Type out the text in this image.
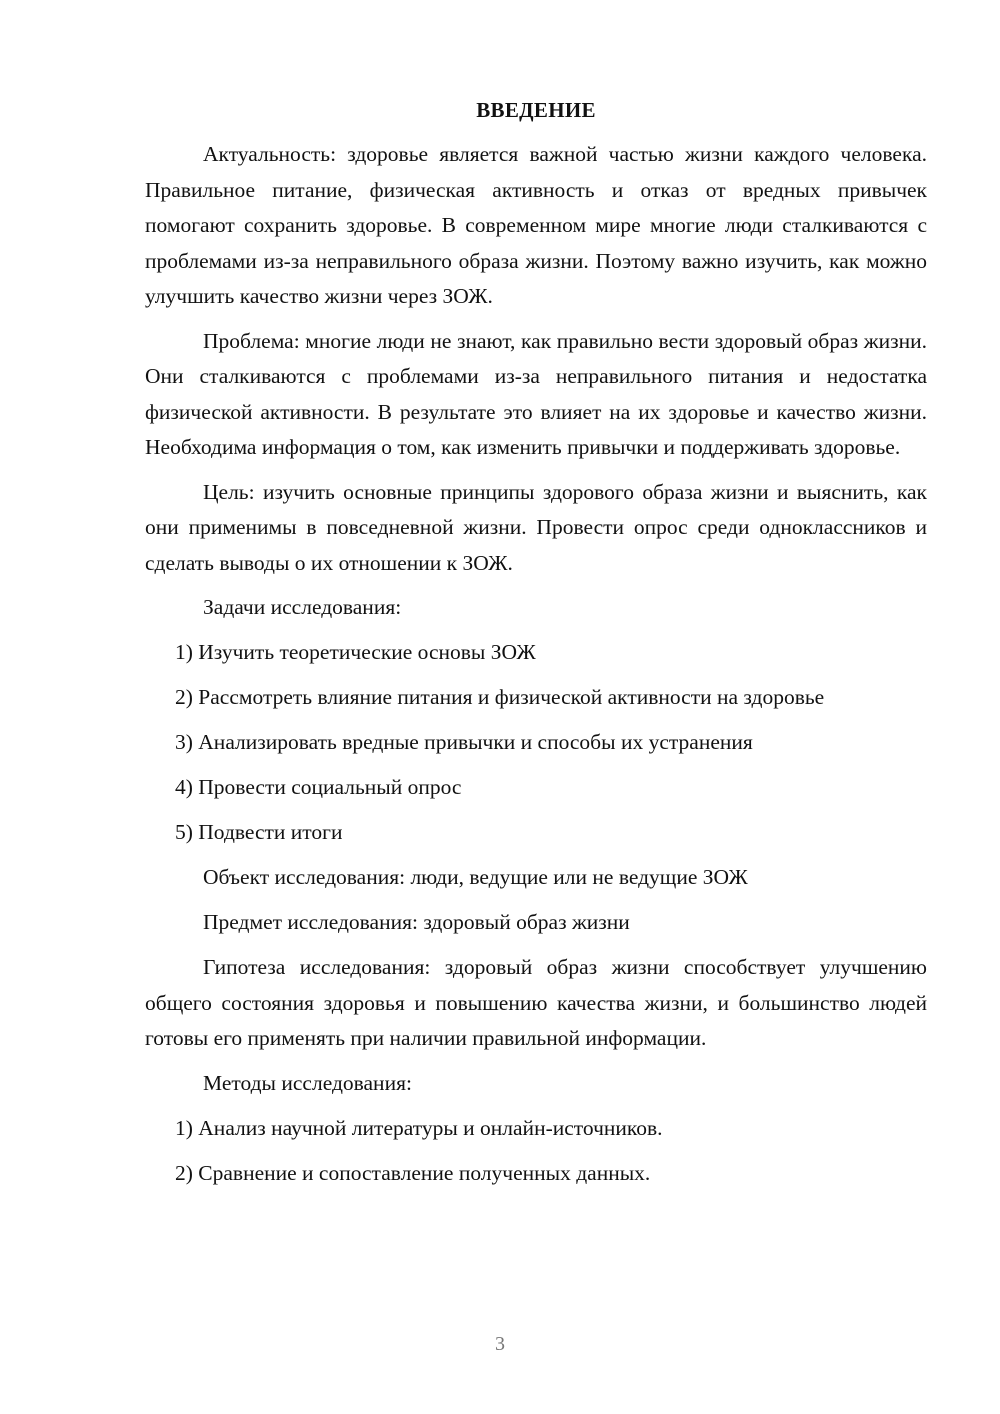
ВВЕДЕНИЕ

Актуальность: здоровье является важной частью жизни каждого человека. Правильное питание, физическая активность и отказ от вредных привычек помогают сохранить здоровье. В современном мире многие люди сталкиваются с проблемами из-за неправильного образа жизни. Поэтому важно изучить, как можно улучшить качество жизни через ЗОЖ.

Проблема: многие люди не знают, как правильно вести здоровый образ жизни. Они сталкиваются с проблемами из-за неправильного питания и недостатка физической активности. В результате это влияет на их здоровье и качество жизни. Необходима информация о том, как изменить привычки и поддерживать здоровье.

Цель: изучить основные принципы здорового образа жизни и выяснить, как они применимы в повседневной жизни. Провести опрос среди одноклассников и сделать выводы о их отношении к ЗОЖ.

Задачи исследования:
1) Изучить теоретические основы ЗОЖ
2) Рассмотреть влияние питания и физической активности на здоровье
3) Анализировать вредные привычки и способы их устранения
4) Провести социальный опрос
5) Подвести итоги
Объект исследования: люди, ведущие или не ведущие ЗОЖ
Предмет исследования: здоровый образ жизни

Гипотеза исследования: здоровый образ жизни способствует улучшению общего состояния здоровья и повышению качества жизни, и большинство людей готовы его применять при наличии правильной информации.

Методы исследования:
1) Анализ научной литературы и онлайн-источников.
2) Сравнение и сопоставление полученных данных.
3
